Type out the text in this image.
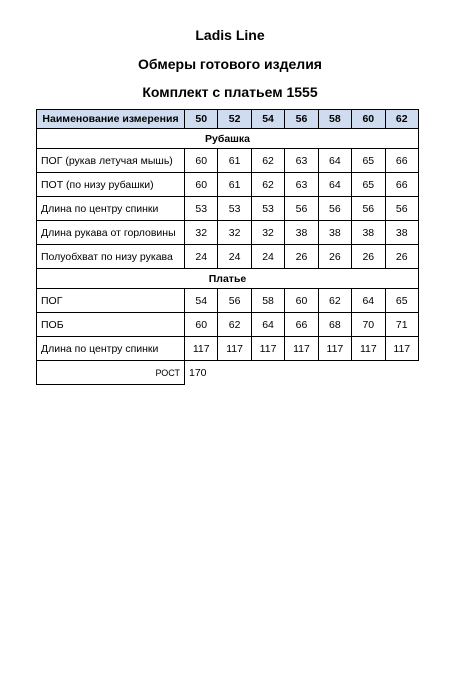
Ladis Line
Обмеры готового изделия
Комплект с платьем 1555
Наименование измерения	50	52	54	56	58	60	62
Рубашка							
ПОГ (рукав летучая мышь)	60	61	62	63	64	65	66
ПОТ (по низу рубашки)	60	61	62	63	64	65	66
Длина по центру спинки	53	53	53	56	56	56	56
Длина рукава от горловины	32	32	32	38	38	38	38
Полуобхват по низу рукава	24	24	24	26	26	26	26
Платье							
ПОГ	54	56	58	60	62	64	65
ПОБ	60	62	64	66	68	70	71
Длина по центру спинки	117	117	117	117	117	117	117
РОСТ	170						
